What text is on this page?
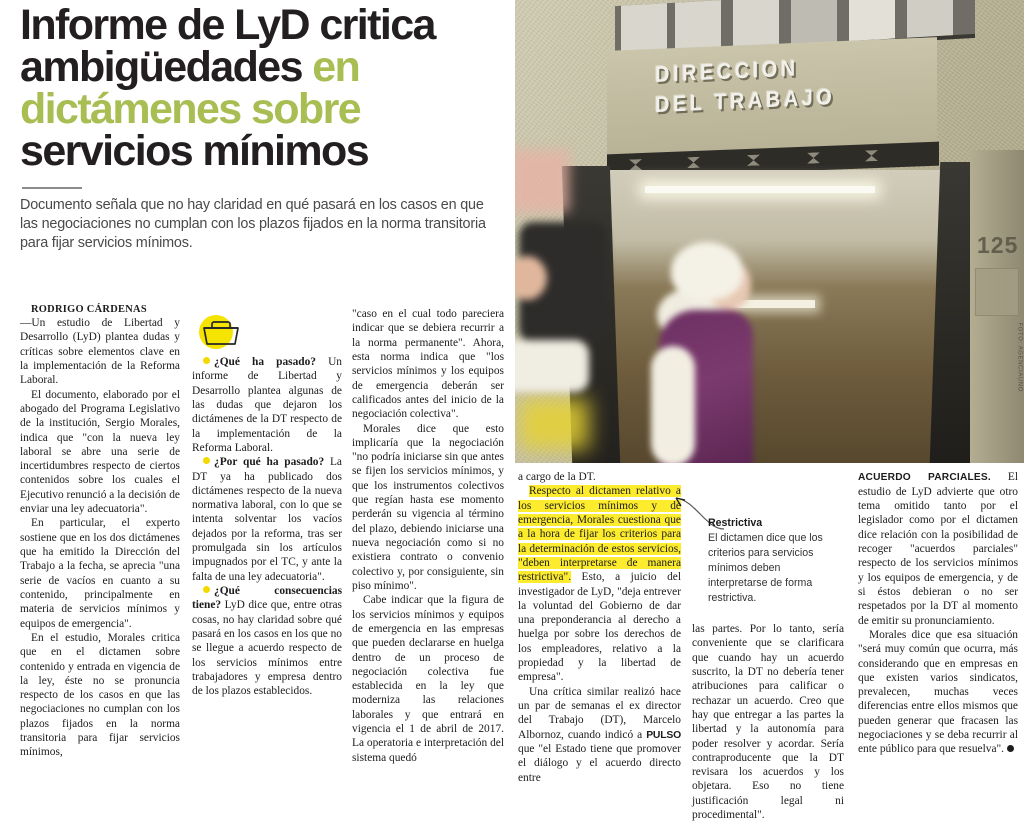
Informe de LyD critica
ambigüedades en
dictámenes sobre
servicios mínimos

Documento señala que no hay claridad en qué pasará en los casos en que las negociaciones no cumplan con los plazos fijados en la norma transitoria para fijar servicios mínimos.

DIRECCION
DEL TRABAJO
125
FOTO: AGENCIAUNO

RODRIGO CÁRDENAS

—Un estudio de Libertad y Desarrollo (LyD) plantea dudas y críticas sobre elementos clave en la implementación de la Reforma Laboral.

El documento, elaborado por el abogado del Programa Legislativo de la institución, Sergio Morales, indica que "con la nueva ley laboral se abre una serie de incertidumbres respecto de ciertos contenidos sobre los cuales el Ejecutivo renunció a la decisión de enviar una ley adecuatoria".

En particular, el experto sostiene que en los dos dictámenes que ha emitido la Dirección del Trabajo a la fecha, se aprecia "una serie de vacíos en cuanto a su contenido, principalmente en materia de servicios mínimos y equipos de emergencia".

En el estudio, Morales critica que en el dictamen sobre contenido y entrada en vigencia de la ley, éste no se pronuncia respecto de los casos en que las negociaciones no cumplan con los plazos fijados en la norma transitoria para fijar servicios mínimos,

¿Qué ha pasado? Un informe de Libertad y Desarrollo plantea algunas de las dudas que dejaron los dictámenes de la DT respecto de la implementación de la Reforma Laboral.

¿Por qué ha pasado? La DT ya ha publicado dos dictámenes respecto de la nueva normativa laboral, con lo que se intenta solventar los vacíos dejados por la reforma, tras ser promulgada sin los artículos impugnados por el TC, y ante la falta de una ley adecuatoria".

¿Qué consecuencias tiene? LyD dice que, entre otras cosas, no hay claridad sobre qué pasará en los casos en los que no se llegue a acuerdo respecto de los servicios mínimos entre trabajadores y empresa dentro de los plazos establecidos.

"caso en el cual todo pareciera indicar que se debiera recurrir a la norma permanente". Ahora, esta norma indica que "los servicios mínimos y los equipos de emergencia deberán ser calificados antes del inicio de la negociación colectiva".

Morales dice que esto implicaría que la negociación "no podría iniciarse sin que antes se fijen los servicios mínimos, y que los instrumentos colectivos que regían hasta ese momento perderán su vigencia al término del plazo, debiendo iniciarse una nueva negociación como si no existiera contrato o convenio colectivo y, por consiguiente, sin piso mínimo".

Cabe indicar que la figura de los servicios mínimos y equipos de emergencia en las empresas que pueden declararse en huelga dentro de un proceso de negociación colectiva fue establecida en la ley que moderniza las relaciones laborales y que entrará en vigencia el 1 de abril de 2017. La operatoria e interpretación del sistema quedó

a cargo de la DT.

Respecto al dictamen relativo a los servicios mínimos y de emergencia, Morales cuestiona que a la hora de fijar los criterios para la determinación de estos servicios, "deben interpretarse de manera restrictiva". Esto, a juicio del investigador de LyD, "deja entrever la voluntad del Gobierno de dar una preponderancia al derecho a huelga por sobre los derechos de los empleadores, relativo a la propiedad y la libertad de empresa".

Una crítica similar realizó hace un par de semanas el ex director del Trabajo (DT), Marcelo Albornoz, cuando indicó a PULSO que "el Estado tiene que promover el diálogo y el acuerdo directo entre

Restrictiva
El dictamen dice que los criterios para servicios mínimos deben interpretarse de forma restrictiva.

las partes. Por lo tanto, sería conveniente que se clarificara que cuando hay un acuerdo suscrito, la DT no debería tener atribuciones para calificar o rechazar un acuerdo. Creo que hay que entregar a las partes la libertad y la autonomía para poder resolver y acordar. Sería contraproducente que la DT revisara los acuerdos y los objetara. Eso no tiene justificación legal ni procedimental".

ACUERDO PARCIALES. El estudio de LyD advierte que otro tema omitido tanto por el legislador como por el dictamen dice relación con la posibilidad de recoger "acuerdos parciales" respecto de los servicios mínimos y los equipos de emergencia, y de si éstos debieran o no ser respetados por la DT al momento de emitir su pronunciamiento.

Morales dice que esa situación "será muy común que ocurra, más considerando que en empresas en que existen varios sindicatos, prevalecen, muchas veces diferencias entre ellos mismos que pueden generar que fracasen las negociaciones y se deba recurrir al ente público para que resuelva".
